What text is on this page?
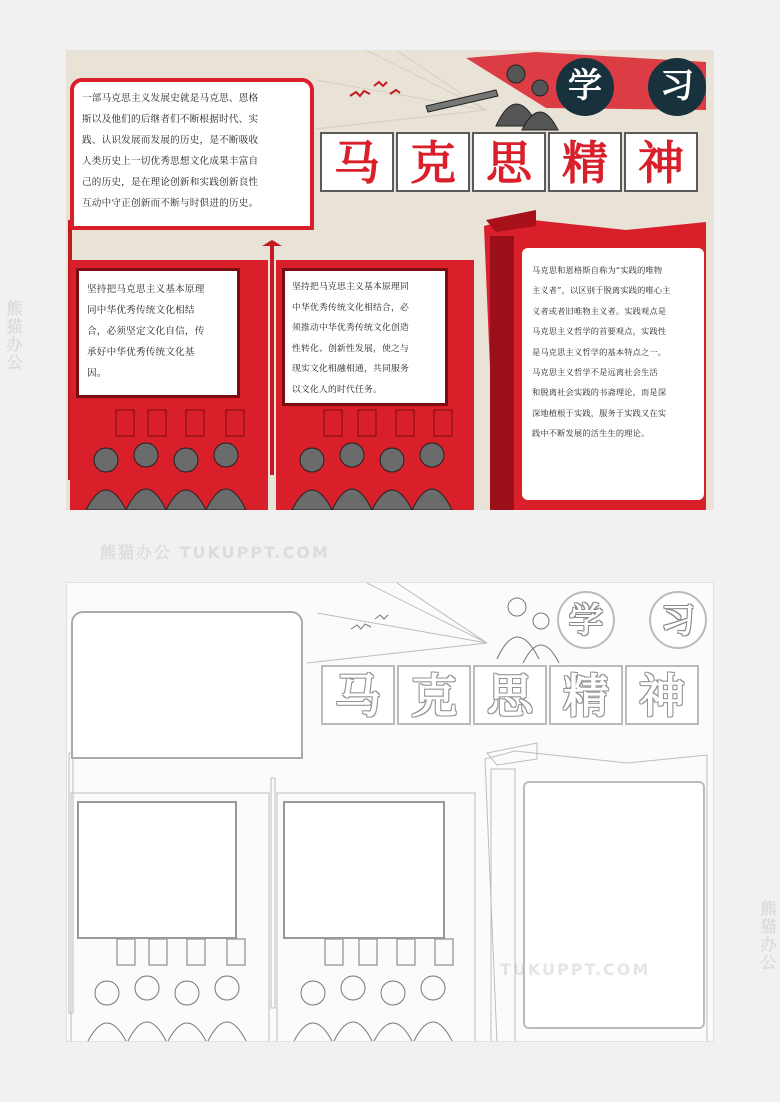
一部马克思主义发展史就是马克思、恩格
斯以及他们的后继者们不断根据时代、实
践、认识发展而发展的历史，是不断吸收
人类历史上一切优秀思想文化成果丰富自
己的历史，是在理论创新和实践创新良性
互动中守正创新而不断与时俱进的历史。
坚持把马克思主义基本原理
同中华优秀传统文化相结
合，必须坚定文化自信，传
承好中华优秀传统文化基
因。
坚持把马克思主义基本原理同
中华优秀传统文化相结合，必
须推动中华优秀传统文化创造
性转化、创新性发展，使之与
现实文化相融相通，共同服务
以文化人的时代任务。
马克思和恩格斯自称为“实践的唯物
主义者”，以区别于脱离实践的唯心主
义者或者旧唯物主义者。实践观点是
马克思主义哲学的首要观点，实践性
是马克思主义哲学的基本特点之一。
马克思主义哲学不是远离社会生活
和脱离社会实践的书斋理论，而是深
深地植根于实践，服务于实践又在实
践中不断发展的活生生的理论。
学	习
马 克 思 精 神
学	习
马 克 思 精 神
熊猫办公 TUKUPPT.COM
熊猫办公
TUKUPPT.COM	熊猫办公
